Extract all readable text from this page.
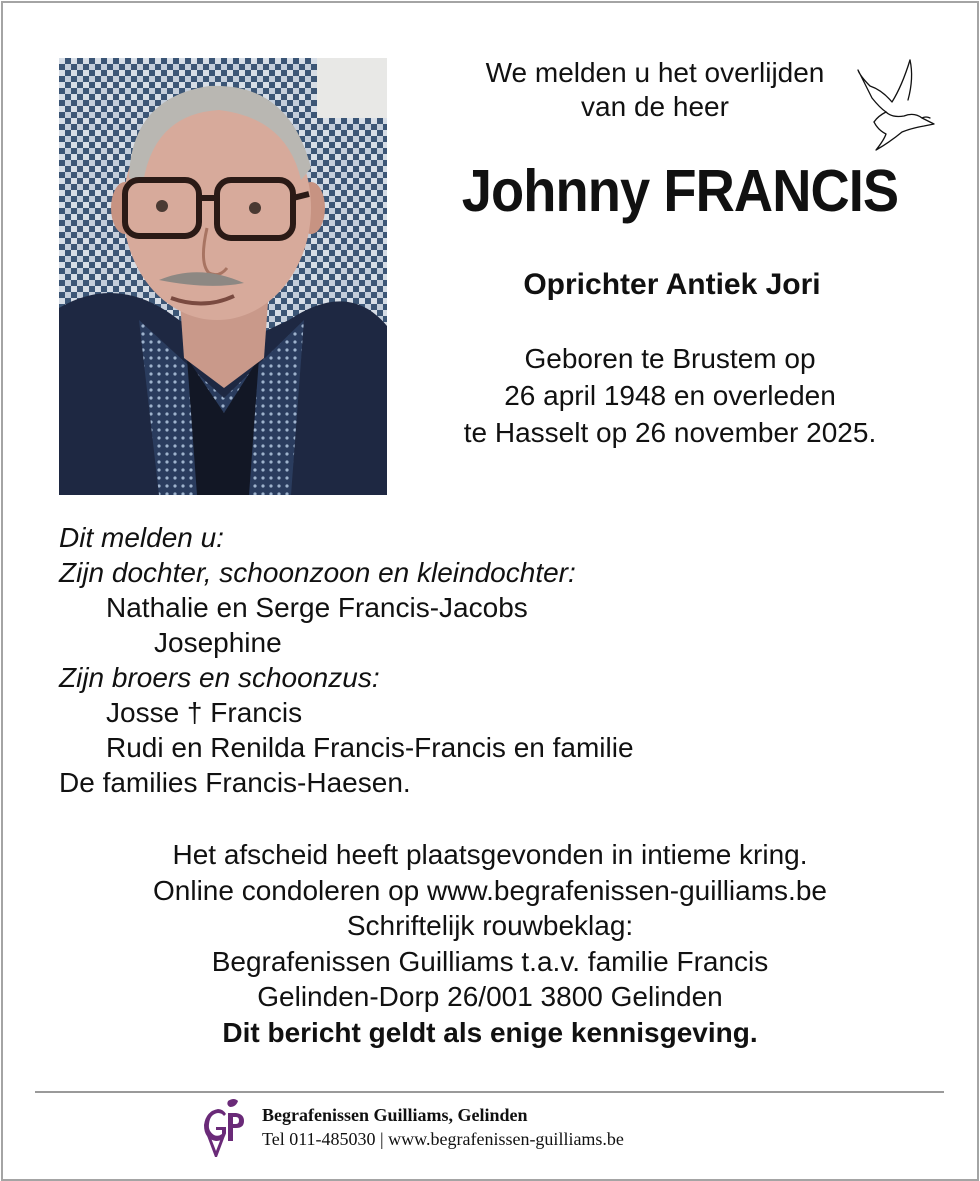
We melden u het overlijden
van de heer
Johnny FRANCIS
Oprichter Antiek Jori
Geboren te Brustem op
26 april 1948 en overleden
te Hasselt op 26 november 2025.
Dit melden u:
Zijn dochter, schoonzoon en kleindochter:
Nathalie en Serge Francis-Jacobs
Josephine
Zijn broers en schoonzus:
Josse † Francis
Rudi en Renilda Francis-Francis en familie
De families Francis-Haesen.
Het afscheid heeft plaatsgevonden in intieme kring.
Online condoleren op www.begrafenissen-guilliams.be
Schriftelijk rouwbeklag:
Begrafenissen Guilliams t.a.v. familie Francis
Gelinden-Dorp 26/001 3800 Gelinden
Dit bericht geldt als enige kennisgeving.
Begrafenissen Guilliams, Gelinden
Tel 011-485030 | www.begrafenissen-guilliams.be
